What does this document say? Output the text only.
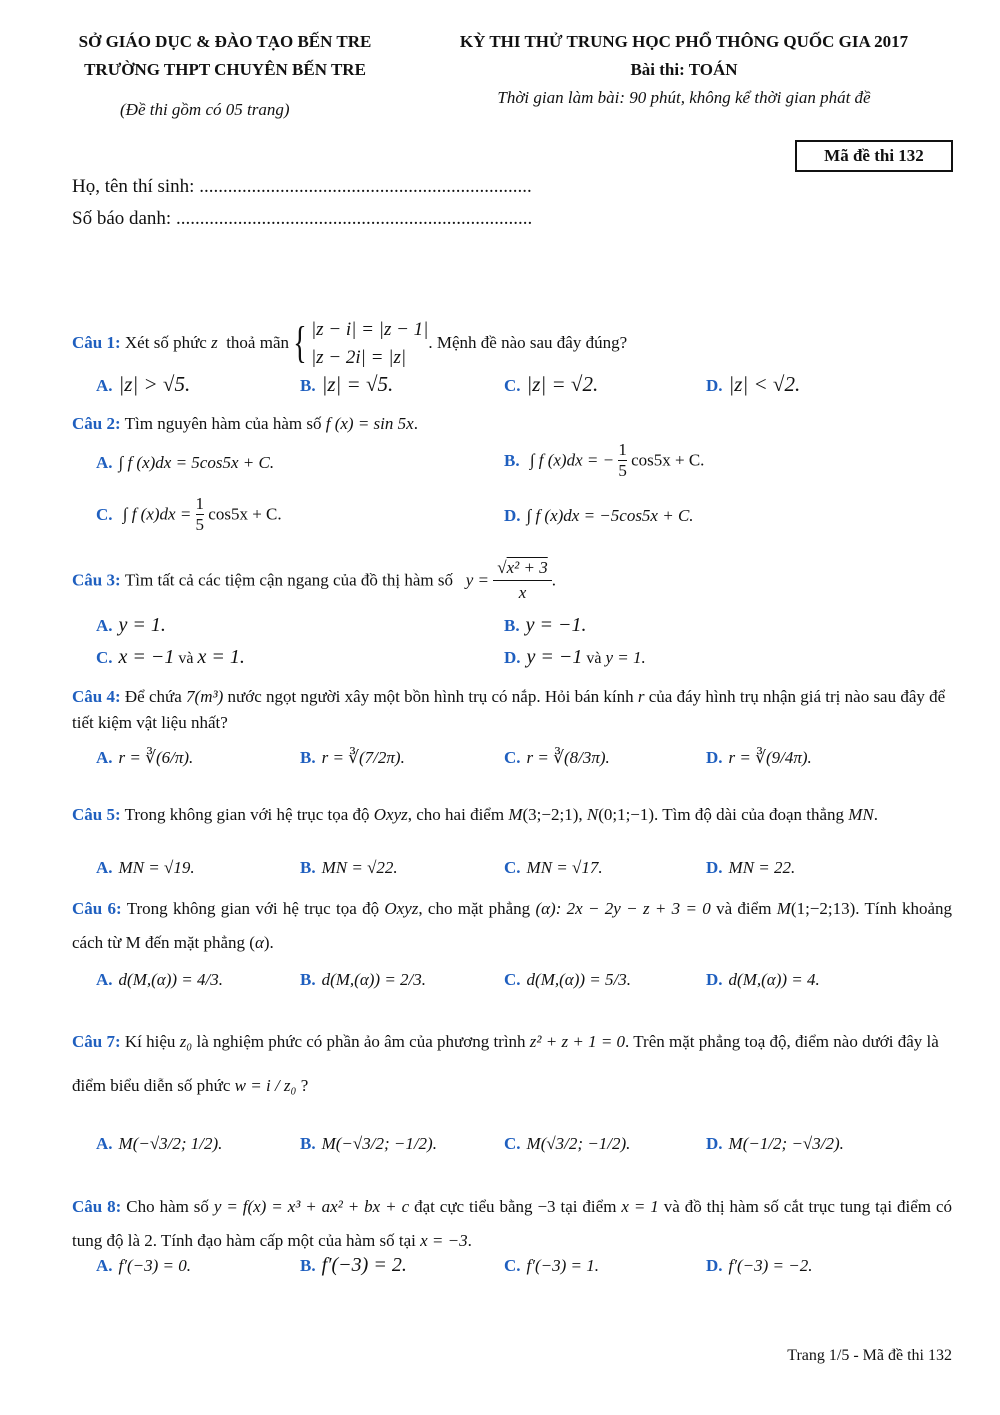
SỞ GIÁO DỤC & ĐÀO TẠO BẾN TRE
TRƯỜNG THPT CHUYÊN BẾN TRE
(Đề thi gồm có 05 trang)
KỲ THI THỬ TRUNG HỌC PHỔ THÔNG QUỐC GIA 2017
Bài thi: TOÁN
Thời gian làm bài: 90 phút, không kể thời gian phát đề
Mã đề thi 132
Họ, tên thí sinh: ......................................................................
Số báo danh: ...........................................................................
Câu 1: Xét số phức z  thoả mãn { |z − i| = |z − 1|
|z − 2i| = |z|. Mệnh đề nào sau đây đúng?
A. |z| > √5.	B. |z| = √5.	C. |z| = √2.	D. |z| < √2.
Câu 2: Tìm nguyên hàm của hàm số f (x) = sin 5x.
A. ∫ f (x)dx = 5cos5x + C.	B. ∫ f (x)dx = − $\frac{1}{5} \cos 5x + C$.
C. ∫ f $(x)dx = \frac{1}{5} \cos 5x + C$.	D. ∫ f (x)dx = −5cos5x + C.
Câu 3: Tìm tất cả các tiệm cận ngang của đồ thị hàm số   $y = \frac{\text{√x² + 3}}{x}$.
A. y = 1.	B. y = −1.
C. x = −1 và x = 1.	D. y = −1 và y = 1.
Câu 4: Để chứa 7(m³) nước ngọt người xây một bồn hình trụ có nắp. Hỏi bán kính r của đáy hình trụ nhận giá trị nào sau đây để tiết kiệm vật liệu nhất?
A. r = ∛(6/π).	B. r = ∛(7/2π).	C. r = ∛(8/3π).	D. r = ∛(9/4π).
Câu 5: Trong không gian với hệ trục tọa độ Oxyz, cho hai điểm M(3;−2;1), N(0;1;−1). Tìm độ dài của đoạn thẳng MN.
A. MN = √19.	B. MN = √22.	C. MN = √17.	D. MN = 22.
Câu 6: Trong không gian với hệ trục tọa độ Oxyz, cho mặt phẳng (α): 2x − 2y − z + 3 = 0 và điểm M(1;−2;13). Tính khoảng cách từ M đến mặt phẳng (α).
A. d(M,(α)) = 4/3.	B. d(M,(α)) = 2/3.	C. d(M,(α)) = 5/3.	D. d(M,(α)) = 4.
Câu 7: Kí hiệu z₀ là nghiệm phức có phần ảo âm của phương trình z² + z + 1 = 0. Trên mặt phẳng toạ độ, điểm nào dưới đây là điểm biểu diễn số phức w = i / z₀ ?
A. M(−√3/2; 1/2).	B. M(−√3/2; −1/2).	C. M(√3/2; −1/2).	D. M(−1/2; −√3/2).
Câu 8: Cho hàm số y = f(x) = x³ + ax² + bx + c đạt cực tiểu bằng −3 tại điểm x = 1 và đồ thị hàm số cắt trục tung tại điểm có tung độ là 2. Tính đạo hàm cấp một của hàm số tại x = −3.
A. f′(−3) = 0.	B. f′(−3) = 2.	C. f′(−3) = 1.	D. f′(−3) = −2.
Trang 1/5 - Mã đề thi 132
